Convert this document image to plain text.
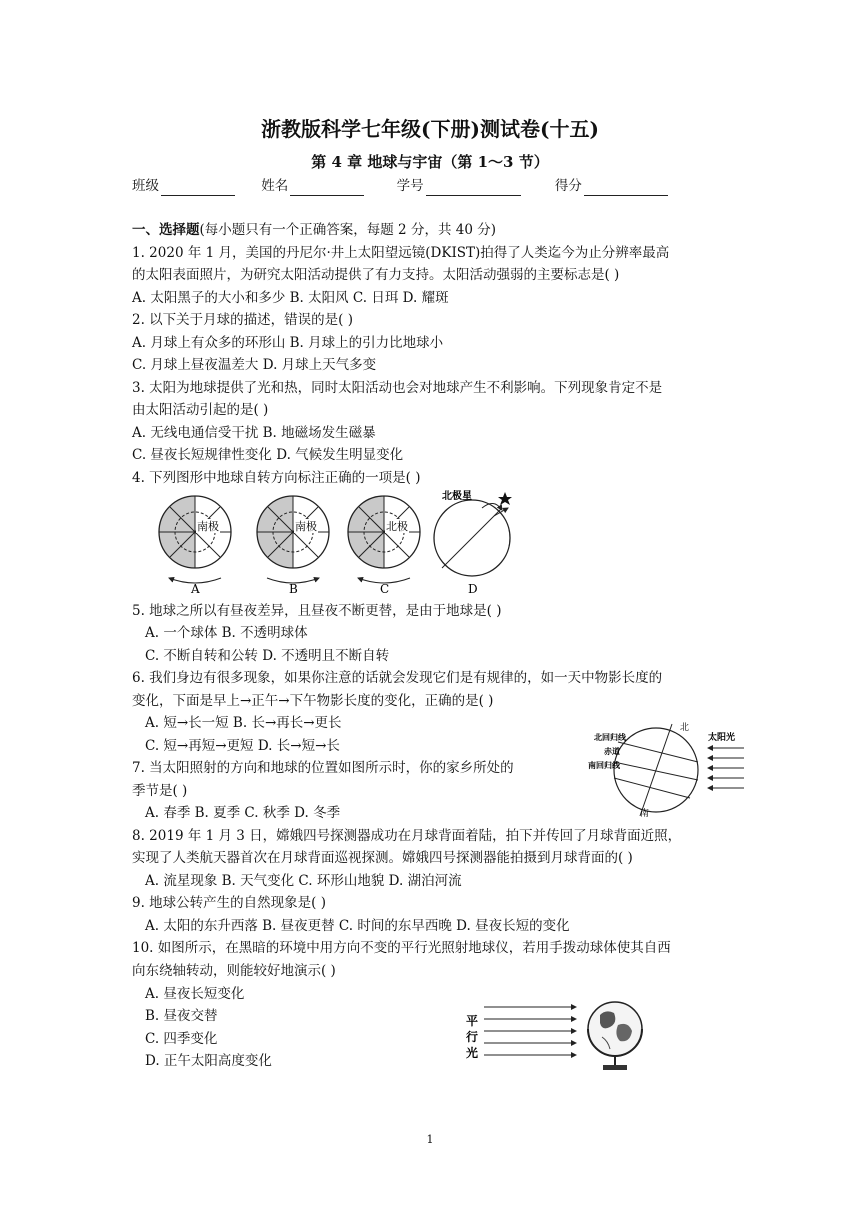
浙教版科学七年级(下册)测试卷(十五)
第 4 章 地球与宇宙（第 1～3 节）
班级	姓名	学号	得分
一、选择题(每小题只有一个正确答案，每题 2 分，共 40 分)
1. 2020 年 1 月，美国的丹尼尔·井上太阳望远镜(DKIST)拍得了人类迄今为止分辨率最高
的太阳表面照片，为研究太阳活动提供了有力支持。太阳活动强弱的主要标志是( )
A. 太阳黑子的大小和多少 B. 太阳风 C. 日珥 D. 耀斑
2. 以下关于月球的描述，错误的是( )
A. 月球上有众多的环形山 B. 月球上的引力比地球小
C. 月球上昼夜温差大 D. 月球上天气多变
3. 太阳为地球提供了光和热，同时太阳活动也会对地球产生不利影响。下列现象肯定不是
由太阳活动引起的是( )
A. 无线电通信受干扰 B. 地磁场发生磁暴
C. 昼夜长短规律性变化 D. 气候发生明显变化
4. 下列图形中地球自转方向标注正确的一项是( )
南极	南极	北极
北极星
A	B	C	D
5. 地球之所以有昼夜差异，且昼夜不断更替，是由于地球是( )
A. 一个球体 B. 不透明球体
C. 不断自转和公转 D. 不透明且不断自转
6. 我们身边有很多现象，如果你注意的话就会发现它们是有规律的，如一天中物影长度的
变化，下面是早上→正午→下午物影长度的变化，正确的是( )
A. 短→长一短 B. 长→再长→更长
C. 短→再短→更短 D. 长→短→长
7. 当太阳照射的方向和地球的位置如图所示时，你的家乡所处的
季节是( )
A. 春季 B. 夏季 C. 秋季 D. 冬季
8. 2019 年 1 月 3 日，嫦娥四号探测器成功在月球背面着陆，拍下并传回了月球背面近照，
实现了人类航天器首次在月球背面巡视探测。嫦娥四号探测器能拍摄到月球背面的( )
A. 流星现象 B. 天气变化 C. 环形山地貌 D. 湖泊河流
9. 地球公转产生的自然现象是( )
A. 太阳的东升西落 B. 昼夜更替 C. 时间的东早西晚 D. 昼夜长短的变化
10. 如图所示，在黑暗的环境中用方向不变的平行光照射地球仪，若用手拨动球体使其自西
向东绕轴转动，则能较好地演示( )
A. 昼夜长短变化
B. 昼夜交替
C. 四季变化
D. 正午太阳高度变化
北
南
北回归线
赤道
南回归线
太阳光
平
行
光
1
